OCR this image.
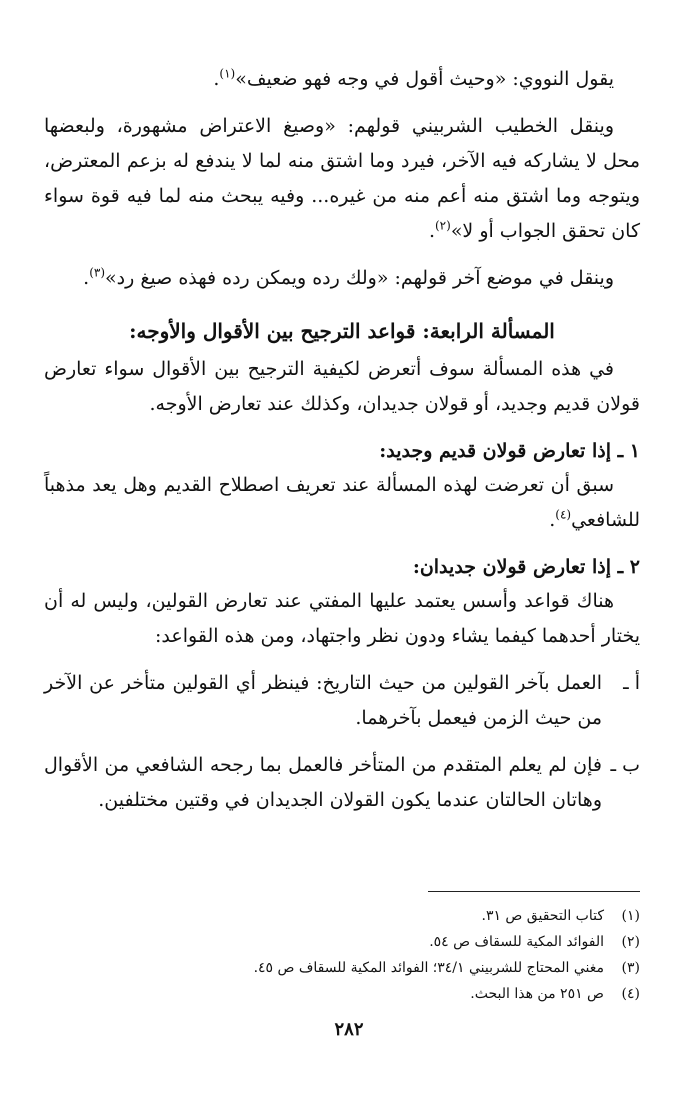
يقول النووي: «وحيث أقول في وجه فهو ضعيف»$^{(١)}$.

وينقل الخطيب الشربيني قولهم: «وصيغ الاعتراض مشهورة، ولبعضها محل لا يشاركه فيه الآخر، فيرد وما اشتق منه لما لا يندفع له بزعم المعترض، ويتوجه وما اشتق منه أعم منه من غيره... وفيه يبحث منه لما فيه قوة سواء كان تحقق الجواب أو لا»$^{(٢)}$.

وينقل في موضع آخر قولهم: «ولك رده ويمكن رده فهذه صيغ رد»$^{(٣)}$.

المسألة الرابعة: قواعد الترجيح بين الأقوال والأوجه:

في هذه المسألة سوف أتعرض لكيفية الترجيح بين الأقوال سواء تعارض قولان قديم وجديد، أو قولان جديدان، وكذلك عند تعارض الأوجه.

١ ـ إذا تعارض قولان قديم وجديد:

سبق أن تعرضت لهذه المسألة عند تعريف اصطلاح القديم وهل يعد مذهباً للشافعي$^{(٤)}$.

٢ ـ إذا تعارض قولان جديدان:

هناك قواعد وأسس يعتمد عليها المفتي عند تعارض القولين، وليس له أن يختار أحدهما كيفما يشاء ودون نظر واجتهاد، ومن هذه القواعد:

أ ـ
العمل بآخر القولين من حيث التاريخ: فينظر أي القولين متأخر عن الآخر من حيث الزمن فيعمل بآخرهما.
ب ـ
فإن لم يعلم المتقدم من المتأخر فالعمل بما رجحه الشافعي من الأقوال وهاتان الحالتان عندما يكون القولان الجديدان في وقتين مختلفين.
(١)
كتاب التحقيق ص ٣١.
(٢)
الفوائد المكية للسقاف ص ٥٤.
(٣)
مغني المحتاج للشربيني ٣٤/١؛ الفوائد المكية للسقاف ص ٤٥.
(٤)
ص ٢٥١ من هذا البحث.
٢٨٢
